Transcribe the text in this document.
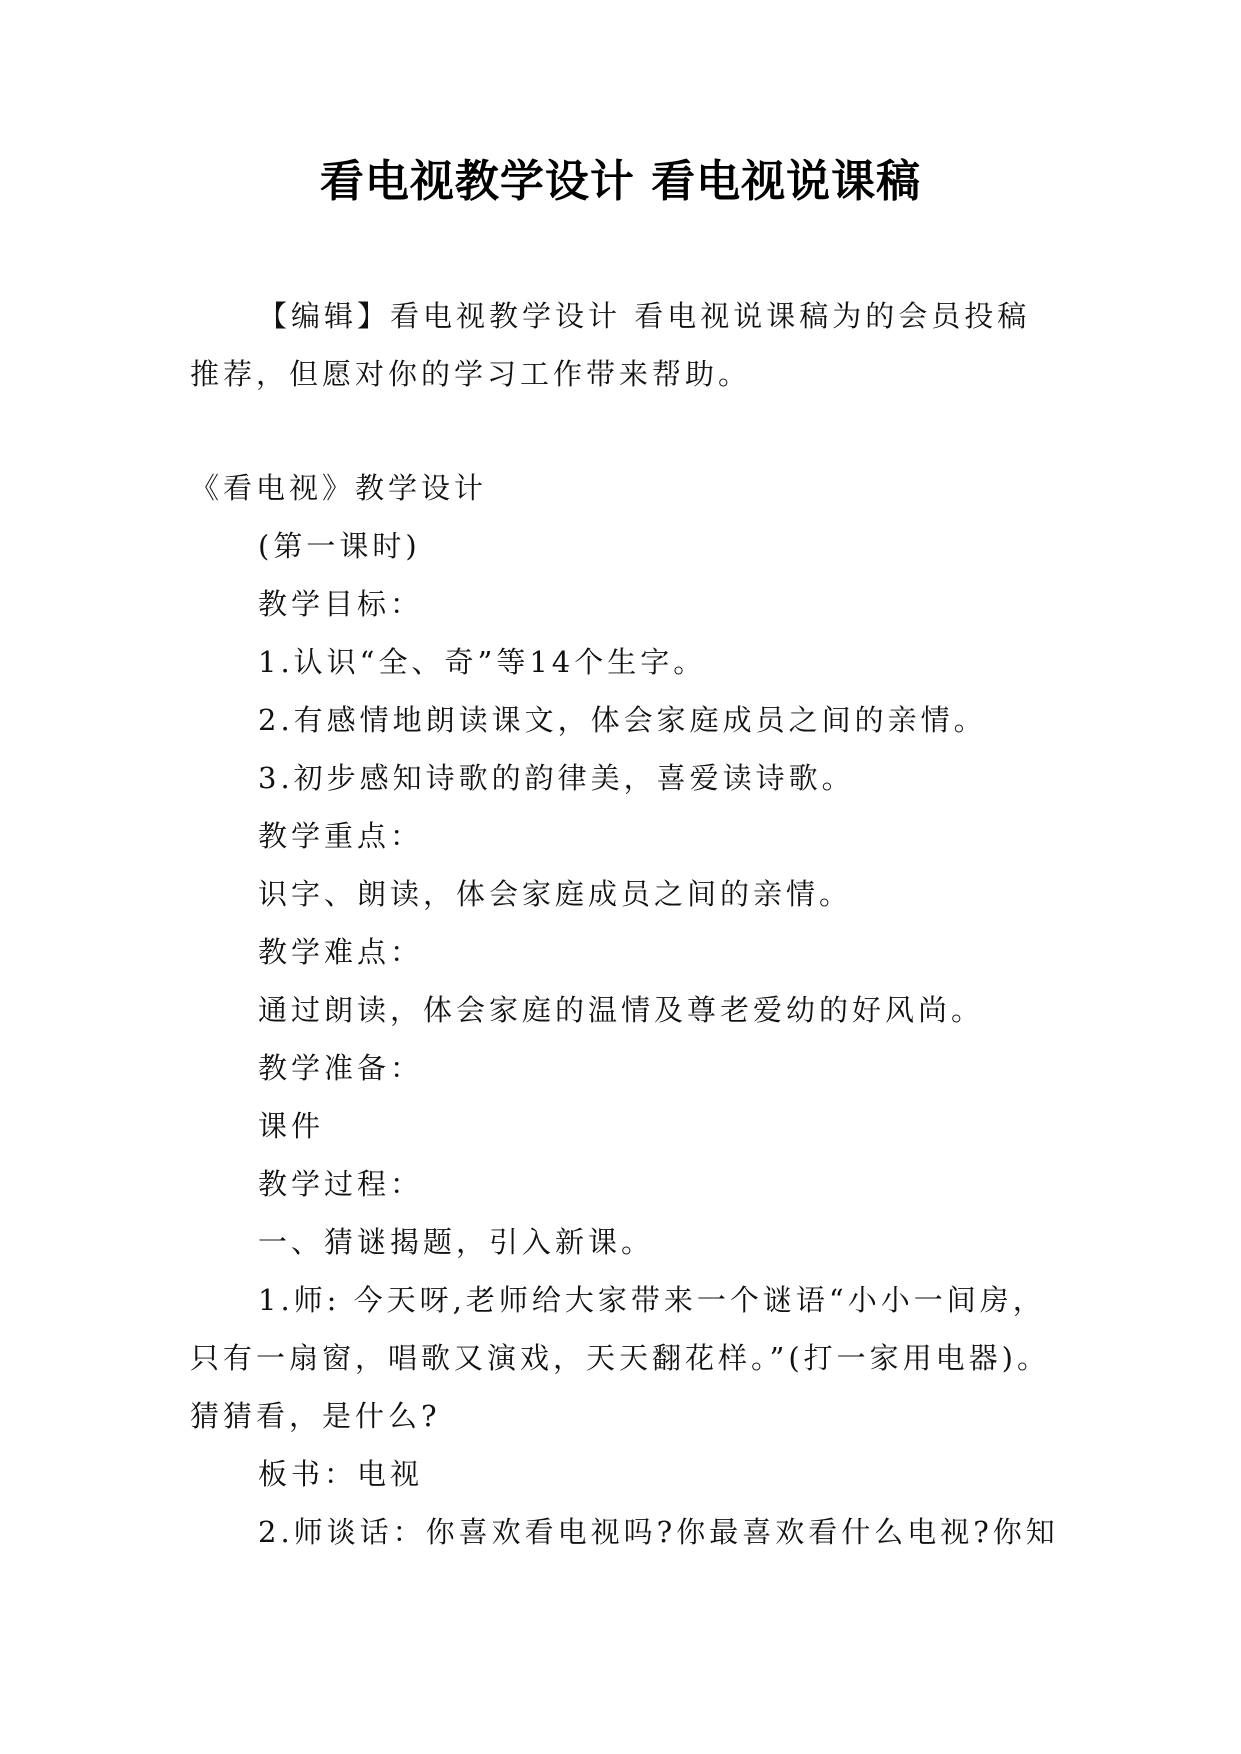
看电视教学设计 看电视说课稿

【编辑】看电视教学设计 看电视说课稿为的会员投稿推荐，但愿对你的学习工作带来帮助。

《看电视》教学设计

(第一课时)

教学目标：

1.认识“全、奇”等14个生字。

2.有感情地朗读课文，体会家庭成员之间的亲情。

3.初步感知诗歌的韵律美，喜爱读诗歌。

教学重点：

识字、朗读，体会家庭成员之间的亲情。

教学难点：

通过朗读，体会家庭的温情及尊老爱幼的好风尚。

教学准备：

课件

教学过程：

一、猜谜揭题，引入新课。

1.师: 今天呀,老师给大家带来一个谜语“小小一间房，只有一扇窗，唱歌又演戏，天天翻花样。”(打一家用电器)。猜猜看，是什么?

板书：电视

2.师谈话：你喜欢看电视吗?你最喜欢看什么电视?你知
